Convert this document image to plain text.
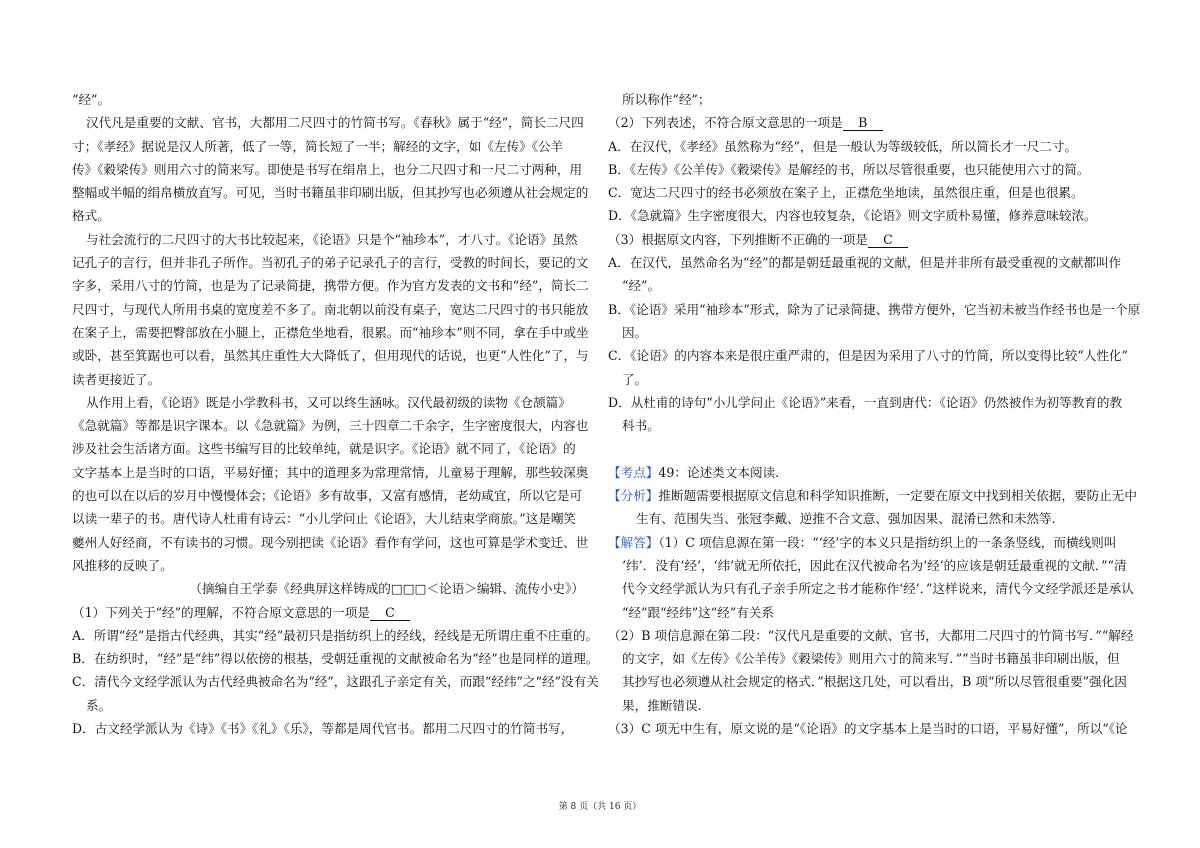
“经”。
汉代凡是重要的文献、官书，大都用二尺四寸的竹简书写。《春秋》属于“经”，简长二尺四
寸；《孝经》据说是汉人所著，低了一等，简长短了一半；解经的文字，如《左传》《公羊
传》《穀梁传》则用六寸的简来写。即使是书写在绢帛上，也分二尺四寸和一尺二寸两种，用
整幅或半幅的绢帛横放直写。可见，当时书籍虽非印刷出版，但其抄写也必须遵从社会规定的
格式。
与社会流行的二尺四寸的大书比较起来，《论语》只是个“袖珍本”，才八寸。《论语》虽然
记孔子的言行，但并非孔子所作。当初孔子的弟子记录孔子的言行，受教的时间长，要记的文
字多，采用八寸的竹简，也是为了记录简捷，携带方便。作为官方发表的文书和“经”，简长二
尺四寸，与现代人所用书桌的宽度差不多了。南北朝以前没有桌子，宽达二尺四寸的书只能放
在案子上，需要把臀部放在小腿上，正襟危坐地看，很累。而“袖珍本”则不同，拿在手中或坐
或卧，甚至箕踞也可以看，虽然其庄重性大大降低了，但用现代的话说，也更“人性化”了，与
读者更接近了。
从作用上看，《论语》既是小学教科书，又可以终生涵咏。汉代最初级的读物《仓颉篇》
《急就篇》等都是识字课本。以《急就篇》为例，三十四章二千余字，生字密度很大，内容也
涉及社会生活诸方面。这些书编写目的比较单纯，就是识字。《论语》就不同了，《论语》的
文字基本上是当时的口语，平易好懂；其中的道理多为常理常情，儿童易于理解，那些较深奥
的也可以在以后的岁月中慢慢体会；《论语》多有故事，又富有感情，老幼咸宜，所以它是可
以读一辈子的书。唐代诗人杜甫有诗云：“小儿学问止《论语》，大儿结束学商旅。”这是嘲笑
夔州人好经商，不有读书的习惯。现今别把读《论语》看作有学问，这也可算是学术变迁、世
风推移的反映了。
（摘编自王学泰《经典屏这样铸成的□□□＜论语＞编辑、流传小史》）
（1）下列关于“经”的理解，不符合原文意思的一项是 C
A．所谓“经”是指古代经典，其实“经”最初只是指纺织上的经线，经线是无所谓庄重不庄重的。
B．在纺织时，“经”是“纬”得以依傍的根基，受朝廷重视的文献被命名为“经”也是同样的道理。
C．清代今文经学派认为古代经典被命名为“经”，这跟孔子亲定有关，而跟“经纬”之“经”没有关
系。
D．古文经学派认为《诗》《书》《礼》《乐》，等都是周代官书。都用二尺四寸的竹简书写，
所以称作“经”；
（2）下列表述，不符合原文意思的一项是 B
A．在汉代，《孝经》虽然称为“经”，但是一般认为等级较低，所以简长才一尺二寸。
B．《左传》《公羊传》《穀梁传》是解经的书，所以尽管很重要，也只能使用六寸的简。
C．宽达二尺四寸的经书必须放在案子上，正襟危坐地读，虽然很庄重，但是也很累。
D．《急就篇》生字密度很大，内容也较复杂，《论语》则文字质朴易懂，修养意味较浓。
（3）根据原文内容，下列推断不正确的一项是 C
A．在汉代，虽然命名为“经”的都是朝廷最重视的文献，但是并非所有最受重视的文献都叫作
“经”。
B．《论语》采用“袖珍本”形式，除为了记录简捷、携带方便外，它当初未被当作经书也是一个原
因。
C．《论语》的内容本来是很庄重严肃的，但是因为采用了八寸的竹简，所以变得比较“人性化”
了。
D．从杜甫的诗句“小儿学问止《论语》”来看，一直到唐代：《论语》仍然被作为初等教育的教
科书。
【考点】49：论述类文本阅读.
【分析】推断题需要根据原文信息和科学知识推断，一定要在原文中找到相关依据，要防止无中
生有、范围失当、张冠李戴、逆推不合文意、强加因果、混淆已然和未然等.
【解答】（1）C 项信息源在第一段：“‘经’字的本义只是指纺织上的一条条竖线，而横线则叫
‘纬’．没有‘经’，‘纬’就无所依托，因此在汉代被命名为‘经’的应该是朝廷最重视的文献．”“清
代今文经学派认为只有孔子亲手所定之书才能称作‘经’．”这样说来，清代今文经学派还是承认
“经”跟“经纬”这“经”有关系
（2）B 项信息源在第二段：“汉代凡是重要的文献、官书，大都用二尺四寸的竹简书写．”“解经
的文字，如《左传》《公羊传》《穀梁传》则用六寸的简来写．”“当时书籍虽非印刷出版，但
其抄写也必须遵从社会规定的格式．”根据这几处，可以看出，B 项“所以尽管很重要”强化因
果，推断错误.
（3）C 项无中生有，原文说的是“《论语》的文字基本上是当时的口语，平易好懂”，所以“《论
第 8 页（共 16 页）
